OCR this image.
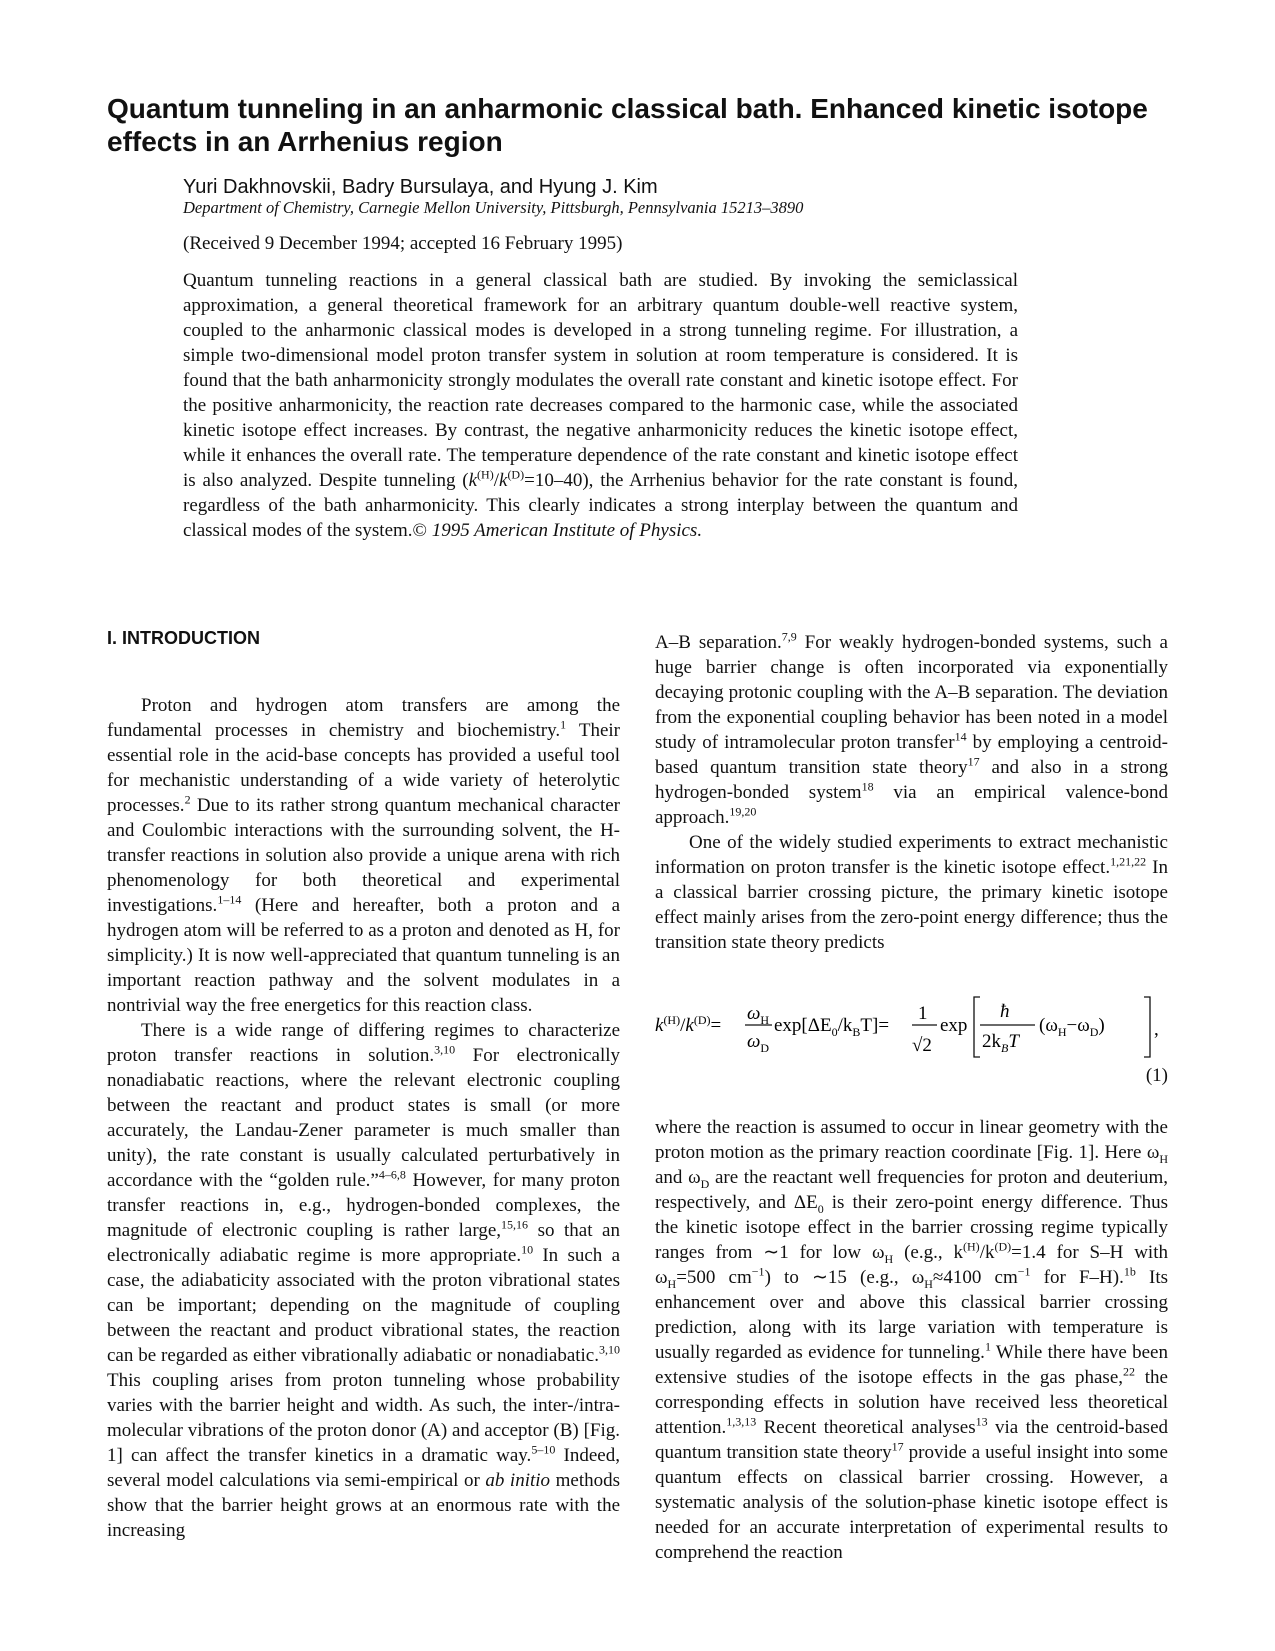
Quantum tunneling in an anharmonic classical bath. Enhanced kinetic isotope effects in an Arrhenius region
Yuri Dakhnovskii, Badry Bursulaya, and Hyung J. Kim
Department of Chemistry, Carnegie Mellon University, Pittsburgh, Pennsylvania 15213–3890
(Received 9 December 1994; accepted 16 February 1995)

Quantum tunneling reactions in a general classical bath are studied. By invoking the semiclassical approximation, a general theoretical framework for an arbitrary quantum double-well reactive system, coupled to the anharmonic classical modes is developed in a strong tunneling regime. For illustration, a simple two-dimensional model proton transfer system in solution at room temperature is considered. It is found that the bath anharmonicity strongly modulates the overall rate constant and kinetic isotope effect. For the positive anharmonicity, the reaction rate decreases compared to the harmonic case, while the associated kinetic isotope effect increases. By contrast, the negative anharmonicity reduces the kinetic isotope effect, while it enhances the overall rate. The temperature dependence of the rate constant and kinetic isotope effect is also analyzed. Despite tunneling $(k^{(H)}/k^{(D)}=10-40)$, the Arrhenius behavior for the rate constant is found, regardless of the bath anharmonicity. This clearly indicates a strong interplay between the quantum and classical modes of the system.© 1995 American Institute of Physics.

I. INTRODUCTION

Proton and hydrogen atom transfers are among the fundamental processes in chemistry and biochemistry.$^1$ Their essential role in the acid-base concepts has provided a useful tool for mechanistic understanding of a wide variety of heterolytic processes.$^2$ Due to its rather strong quantum mechanical character and Coulombic interactions with the surrounding solvent, the H-transfer reactions in solution also provide a unique arena with rich phenomenology for both theoretical and experimental investigations.$^{1-14}$ (Here and hereafter, both a proton and a hydrogen atom will be referred to as a proton and denoted as H, for simplicity.) It is now well-appreciated that quantum tunneling is an important reaction pathway and the solvent modulates in a nontrivial way the free energetics for this reaction class.

There is a wide range of differing regimes to characterize proton transfer reactions in solution.$^{3,10}$ For electronically nonadiabatic reactions, where the relevant electronic coupling between the reactant and product states is small (or more accurately, the Landau-Zener parameter is much smaller than unity), the rate constant is usually calculated perturbatively in accordance with the “golden rule.”$^{4-6,8}$ However, for many proton transfer reactions in, e.g., hydrogen-bonded complexes, the magnitude of electronic coupling is rather large,$^{15,16}$ so that an electronically adiabatic regime is more appropriate.$^{10}$ In such a case, the adiabaticity associated with the proton vibrational states can be important; depending on the magnitude of coupling between the reactant and product vibrational states, the reaction can be regarded as either vibrationally adiabatic or nonadiabatic.$^{3,10}$ This coupling arises from proton tunneling whose probability varies with the barrier height and width. As such, the inter-/intra-molecular vibrations of the proton donor (A) and acceptor (B) [Fig. 1] can affect the transfer kinetics in a dramatic way.$^{5-10}$ Indeed, several model calculations via semi-empirical or ab initio methods show that the barrier height grows at an enormous rate with the increasing

A–B separation.$^{7,9}$ For weakly hydrogen-bonded systems, such a huge barrier change is often incorporated via exponentially decaying protonic coupling with the A–B separation. The deviation from the exponential coupling behavior has been noted in a model study of intramolecular proton transfer$^{14}$ by employing a centroid-based quantum transition state theory$^{17}$ and also in a strong hydrogen-bonded system$^{18}$ via an empirical valence-bond approach.$^{19,20}$

One of the widely studied experiments to extract mechanistic information on proton transfer is the kinetic isotope effect.$^{1,21,22}$ In a classical barrier crossing picture, the primary kinetic isotope effect mainly arises from the zero-point energy difference; thus the transition state theory predicts

$k^{(H)}/k^{(D)}=$
$\omega_H$
$\omega_D$
$\exp[\Delta E_0/k_BT]=$
1
√2
exp
ħ
$2k_BT$
$(\omega_H-\omega_D)$	,
(1)

where the reaction is assumed to occur in linear geometry with the proton motion as the primary reaction coordinate [Fig. 1]. Here $\omega_H$ and $\omega_D$ are the reactant well frequencies for proton and deuterium, respectively, and $\Delta E_0$ is their zero-point energy difference. Thus the kinetic isotope effect in the barrier crossing regime typically ranges from ∼1 for low $\omega_H$ (e.g., $k^{(H)}/k^{(D)}=1.4$ for S–H with $\omega_H=500$ $cm^{-1}$) to ∼15 (e.g., $\omega_H\approx 4100$ $cm^{-1}$ for F–H).$^{1b}$ Its enhancement over and above this classical barrier crossing prediction, along with its large variation with temperature is usually regarded as evidence for tunneling.$^1$ While there have been extensive studies of the isotope effects in the gas phase,$^{22}$ the corresponding effects in solution have received less theoretical attention.$^{1,3,13}$ Recent theoretical analyses$^{13}$ via the centroid-based quantum transition state theory$^{17}$ provide a useful insight into some quantum effects on classical barrier crossing. However, a systematic analysis of the solution-phase kinetic isotope effect is needed for an accurate interpretation of experimental results to comprehend the reaction
